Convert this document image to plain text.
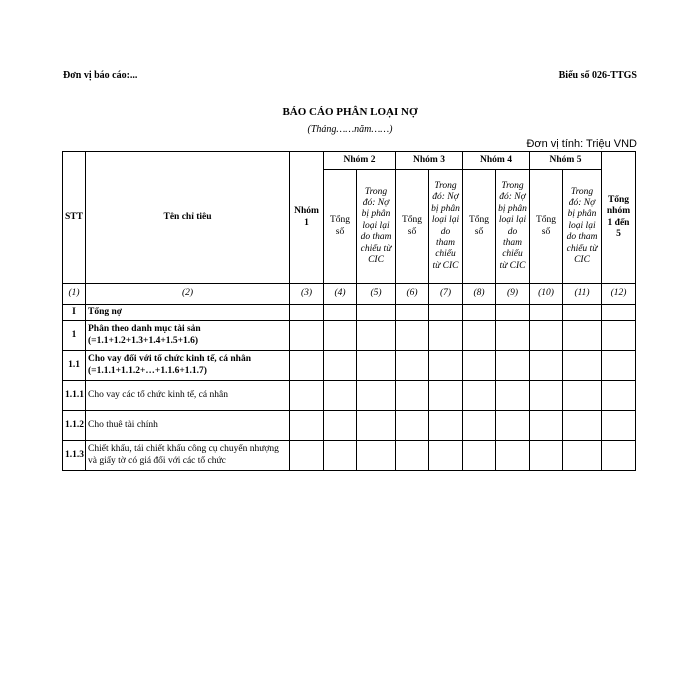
Đơn vị báo cáo:...	Biểu số 026-TTGS
BÁO CÁO PHÂN LOẠI NỢ
(Tháng……năm……)
Đơn vị tính: Triệu VND
STT	Tên chỉ tiêu	Nhóm 1	Nhóm 2		Nhóm 3		Nhóm 4		Nhóm 5		Tổng nhóm 1 đến 5
			Tổng số	Trong đó: Nợ bị phân loại lại do tham chiếu từ CIC	Tổng số	Trong đó: Nợ bị phân loại lại do tham chiếu từ CIC	Tổng số	Trong đó: Nợ bị phân loại lại do tham chiếu từ CIC	Tổng số	Trong đó: Nợ bị phân loại lại do tham chiếu từ CIC	
(1)	(2)	(3)	(4)	(5)	(6)	(7)	(8)	(9)	(10)	(11)	(12)
I	Tổng nợ										
1	Phân theo danh mục tài sản (=1.1+1.2+1.3+1.4+1.5+1.6)										
1.1	Cho vay đối với tổ chức kinh tế, cá nhân (=1.1.1+1.1.2+…+1.1.6+1.1.7)										
1.1.1	Cho vay các tổ chức kinh tế, cá nhân										
1.1.2	Cho thuê tài chính										
1.1.3	Chiết khấu, tái chiết khấu công cụ chuyển nhượng và giấy tờ có giá đối với các tổ chức										
